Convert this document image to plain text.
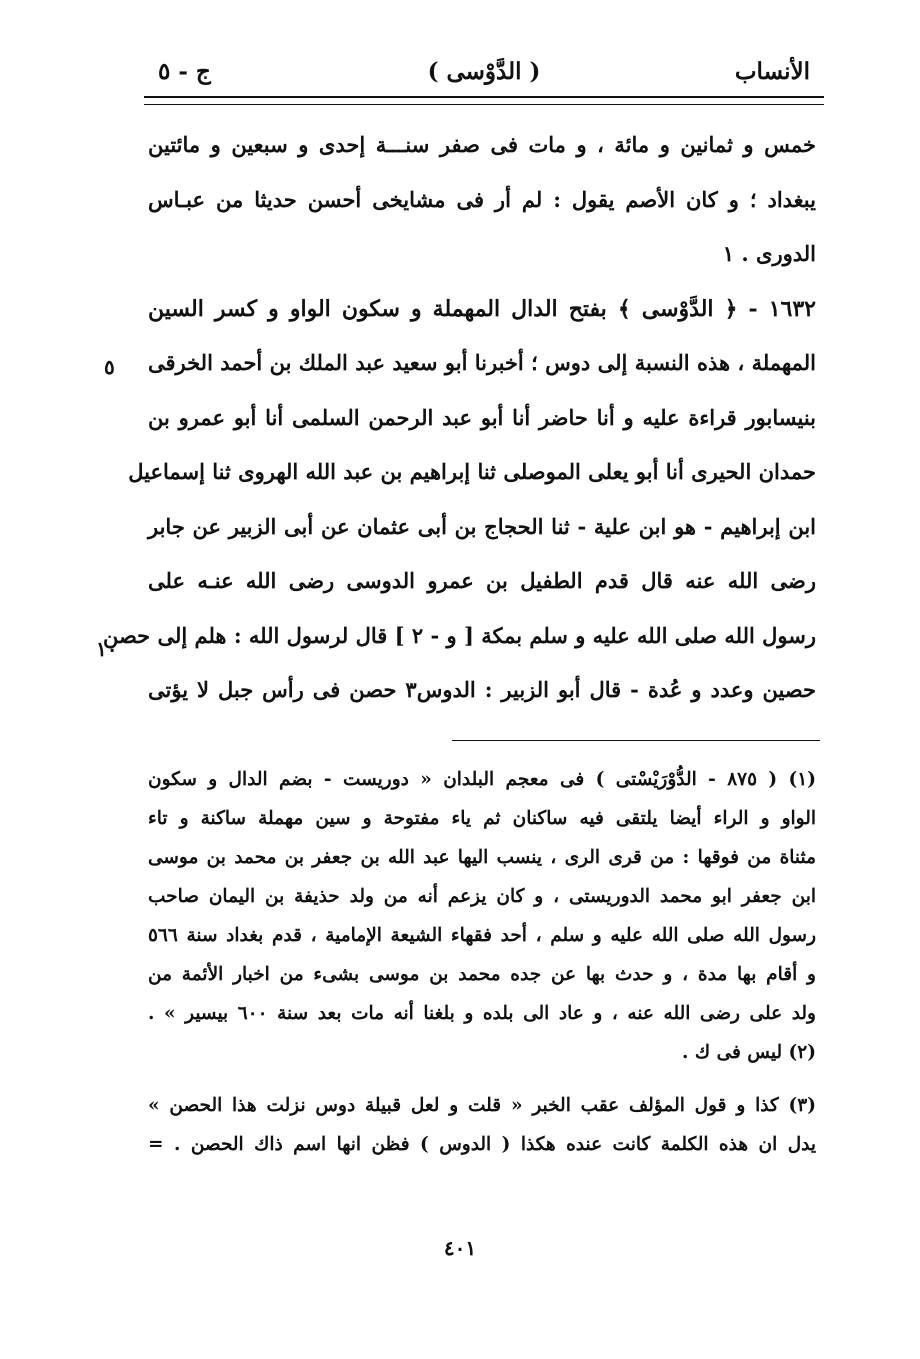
الأنساب
( الدَّوْسى )
ج - ٥
خمس و ثمانين و مائة ، و مات فى صفر سنـــة إحدى و سبعين و مائتين
يبغداد ؛ و كان الأصم يقول : لم أر فى مشايخى أحسن حديثا من عبـاس
الدورى . ١
١٦٣٢ - ﴿ الدَّوْسى ﴾ بفتح الدال المهملة و سكون الواو و كسر السين
المهملة ، هذه النسبة إلى دوس ؛ أخبرنا أبو سعيد عبد الملك بن أحمد الخرقى
بنيسابور قراءة عليه و أنا حاضر أنا أبو عبد الرحمن السلمى أنا أبو عمرو بن
حمدان الحيرى أنا أبو يعلى الموصلى ثنا إبراهيم بن عبد الله الهروى ثنا إسماعيل
ابن إبراهيم - هو ابن علية - ثنا الحجاج بن أبى عثمان عن أبى الزبير عن جابر
رضى الله عنه قال قدم الطفيل بن عمرو الدوسى رضى الله عنـه على
رسول الله صلى الله عليه و سلم بمكة [ و - ٢ ] قال لرسول الله : هلم إلى حصن
حصين وعدد و عُدة - قال أبو الزبير : الدوس٣ حصن فى رأس جبل لا يؤتى
٥
١٠
(١) ( ٨٧٥ - الدُّوْرَيْسْتى ) فى معجم البلدان « دوريست - بضم الدال و سكون
الواو و الراء أيضا يلتقى فيه ساكنان ثم ياء مفتوحة و سين مهملة ساكنة و تاء
مثناة من فوقها : من قرى الرى ، ينسب اليها عبد الله بن جعفر بن محمد بن موسى
ابن جعفر ابو محمد الدوريستى ، و كان يزعم أنه من ولد حذيفة بن اليمان صاحب
رسول الله صلى الله عليه و سلم ، أحد فقهاء الشيعة الإمامية ، قدم بغداد سنة ٥٦٦
و أقام بها مدة ، و حدث بها عن جده محمد بن موسى بشىء من اخبار الأئمة من
ولد على رضى الله عنه ، و عاد الى بلده و بلغنا أنه مات بعد سنة ٦٠٠ بيسير » .
(٢) ليس فى ك .
(٣) كذا و قول المؤلف عقب الخبر « قلت و لعل قبيلة دوس نزلت هذا الحصن »
يدل ان هذه الكلمة كانت عنده هكذا ( الدوس ) فظن انها اسم ذاك الحصن . =
٤٠١
